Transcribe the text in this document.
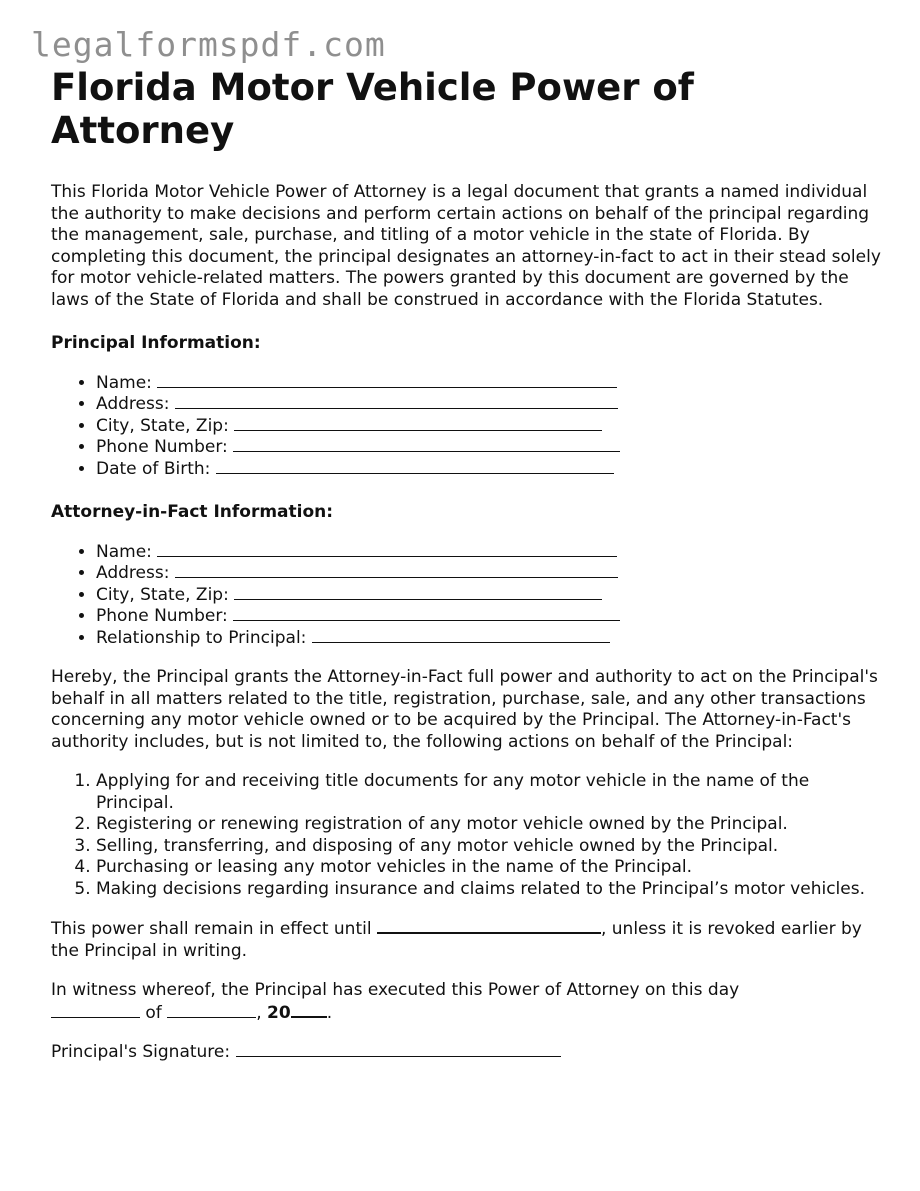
legalformspdf.com
Florida Motor Vehicle Power of Attorney

This Florida Motor Vehicle Power of Attorney is a legal document that grants a named individual the authority to make decisions and perform certain actions on behalf of the principal regarding the management, sale, purchase, and titling of a motor vehicle in the state of Florida. By completing this document, the principal designates an attorney-in-fact to act in their stead solely for motor vehicle-related matters. The powers granted by this document are governed by the laws of the State of Florida and shall be construed in accordance with the Florida Statutes.

Principal Information:
• Name:
• Address:
• City, State, Zip:
• Phone Number:
• Date of Birth:
Attorney-in-Fact Information:
• Name:
• Address:
• City, State, Zip:
• Phone Number:
• Relationship to Principal:

Hereby, the Principal grants the Attorney-in-Fact full power and authority to act on the Principal's behalf in all matters related to the title, registration, purchase, sale, and any other transactions concerning any motor vehicle owned or to be acquired by the Principal. The Attorney-in-Fact's authority includes, but is not limited to, the following actions on behalf of the Principal:

1. Applying for and receiving title documents for any motor vehicle in the name of the Principal.
2. Registering or renewing registration of any motor vehicle owned by the Principal.
3. Selling, transferring, and disposing of any motor vehicle owned by the Principal.
4. Purchasing or leasing any motor vehicles in the name of the Principal.
5. Making decisions regarding insurance and claims related to the Principal’s motor vehicles.

This power shall remain in effect until	, unless it is revoked earlier by the Principal in writing.

In witness whereof, the Principal has executed this Power of Attorney on this day
of	, 20 .

Principal's Signature:
